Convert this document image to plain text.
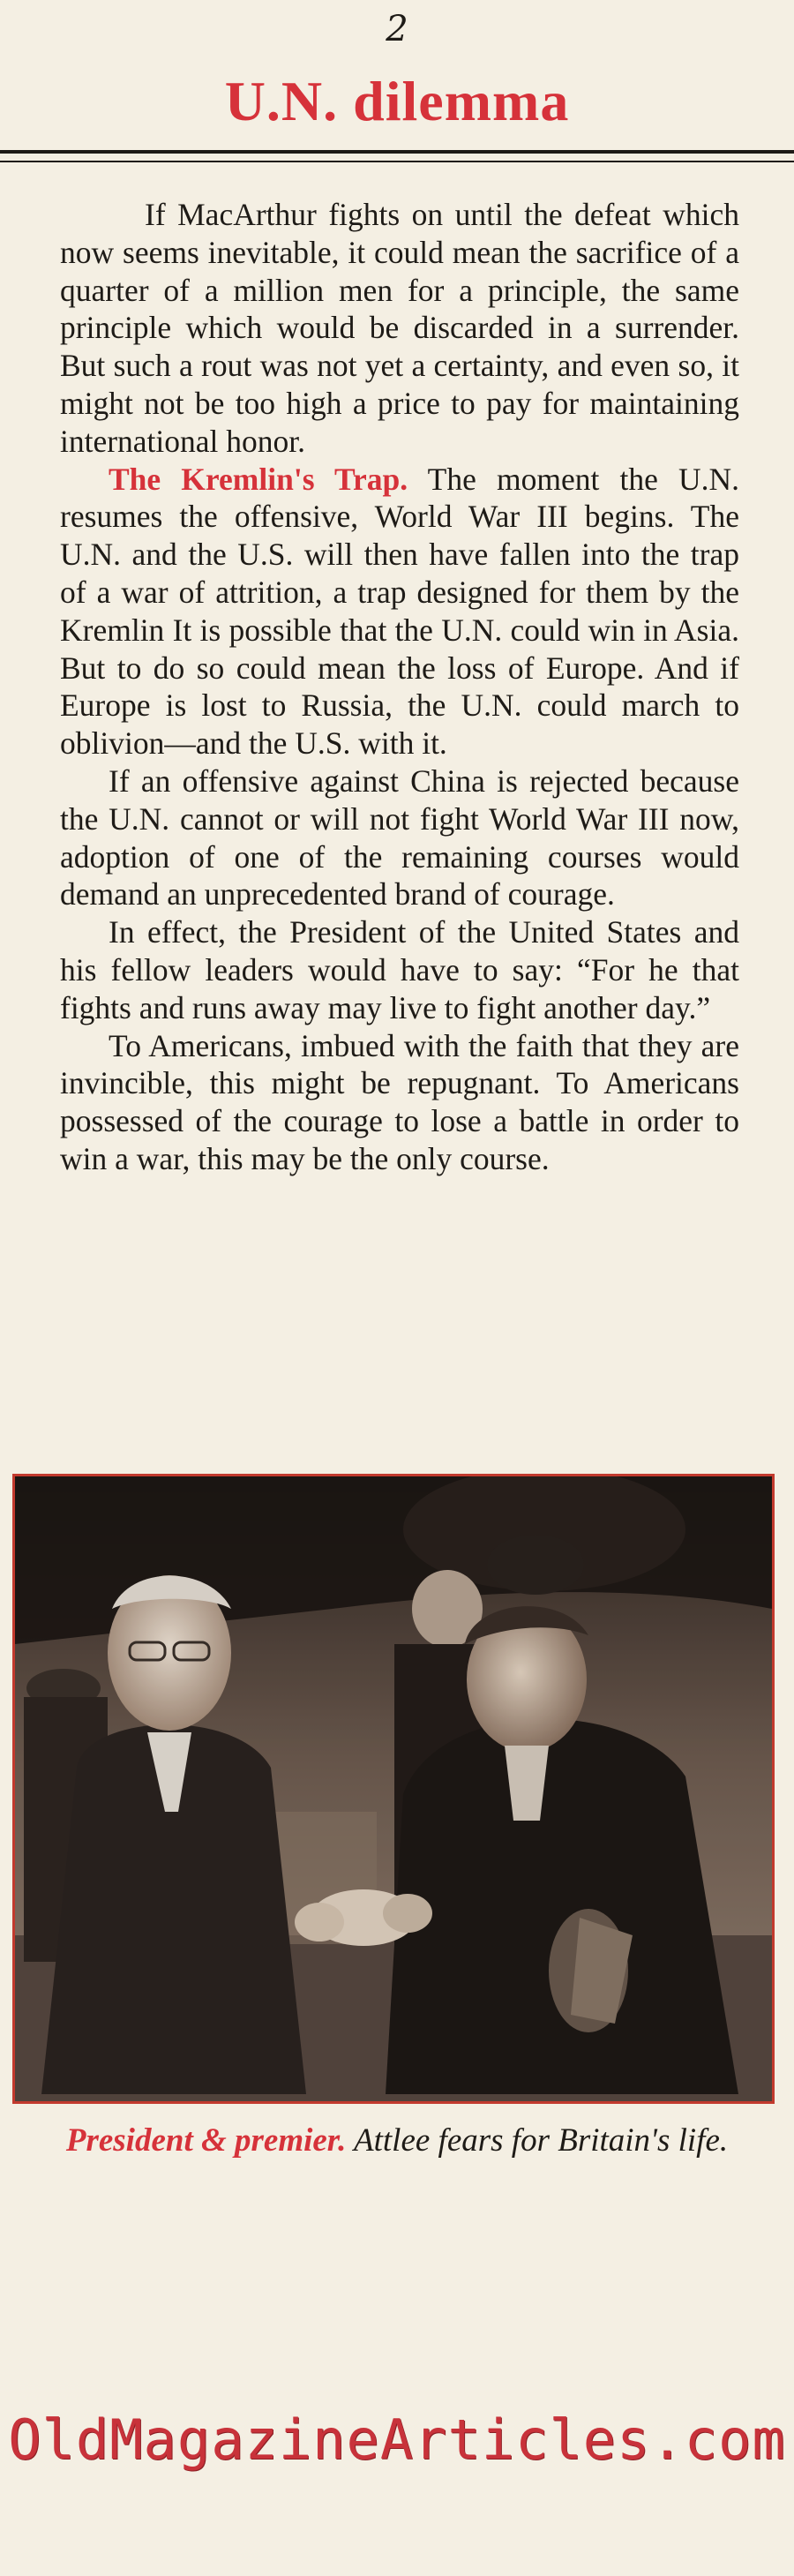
2
U.N. dilemma

If MacArthur fights on until the defeat which now seems inevitable, it could mean the sacrifice of a quarter of a million men for a principle, the same principle which would be discarded in a surrender. But such a rout was not yet a certainty, and even so, it might not be too high a price to pay for maintaining international honor.

The Kremlin's Trap. The moment the U.N. resumes the offensive, World War III begins. The U.N. and the U.S. will then have fallen into the trap of a war of attrition, a trap designed for them by the Kremlin It is possible that the U.N. could win in Asia. But to do so could mean the loss of Europe. And if Europe is lost to Russia, the U.N. could march to oblivion—and the U.S. with it.

If an offensive against China is rejected because the U.N. cannot or will not fight World War III now, adoption of one of the remaining courses would demand an unprecedented brand of courage.

In effect, the President of the United States and his fellow leaders would have to say: “For he that fights and runs away may live to fight another day.”

To Americans, imbued with the faith that they are invincible, this might be repugnant. To Americans possessed of the courage to lose a battle in order to win a war, this may be the only course.

President & premier. Attlee fears for Britain's life.
OldMagazineArticles.com
